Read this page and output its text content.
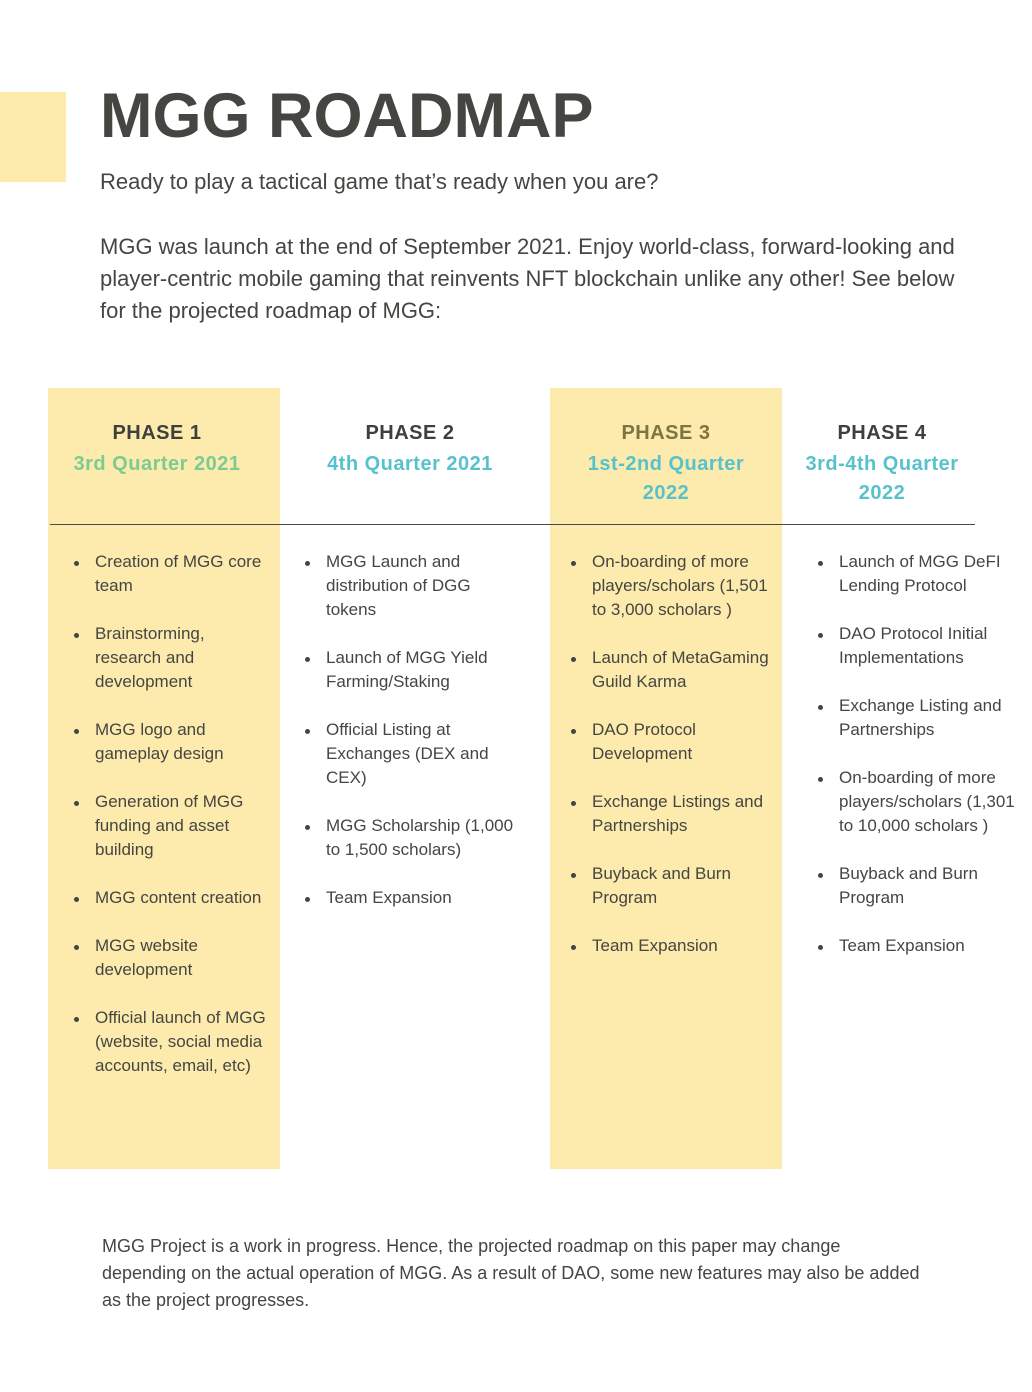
MGG ROADMAP

Ready to play a tactical game that’s ready when you are?

MGG was launch at the end of September 2021. Enjoy world-class, forward-looking and player-centric mobile gaming that reinvents NFT blockchain unlike any other! See below for the projected roadmap of MGG:

PHASE 1
3rd Quarter 2021
PHASE 2
4th Quarter 2021
PHASE 3
1st-2nd Quarter 2022
PHASE 4
3rd-4th Quarter 2022
Creation of MGG core team
Brainstorming, research and development
MGG logo and gameplay design
Generation of MGG funding and asset building
MGG content creation
MGG website development
Official launch of MGG (website, social media accounts, email, etc)
MGG Launch and distribution of DGG tokens
Launch of MGG Yield Farming/Staking
Official Listing at Exchanges (DEX and CEX)
MGG Scholarship (1,000 to 1,500 scholars)
Team Expansion
On-boarding of more players/scholars (1,501 to 3,000 scholars )
Launch of MetaGaming Guild Karma
DAO Protocol Development
Exchange Listings and Partnerships
Buyback and Burn Program
Team Expansion
Launch of MGG DeFI Lending Protocol
DAO Protocol Initial Implementations
Exchange Listing and Partnerships
On-boarding of more players/scholars (1,301 to 10,000 scholars )
Buyback and Burn Program
Team Expansion

MGG Project is a work in progress. Hence, the projected roadmap on this paper may change depending on the actual operation of MGG. As a result of DAO, some new features may also be added as the project progresses.
